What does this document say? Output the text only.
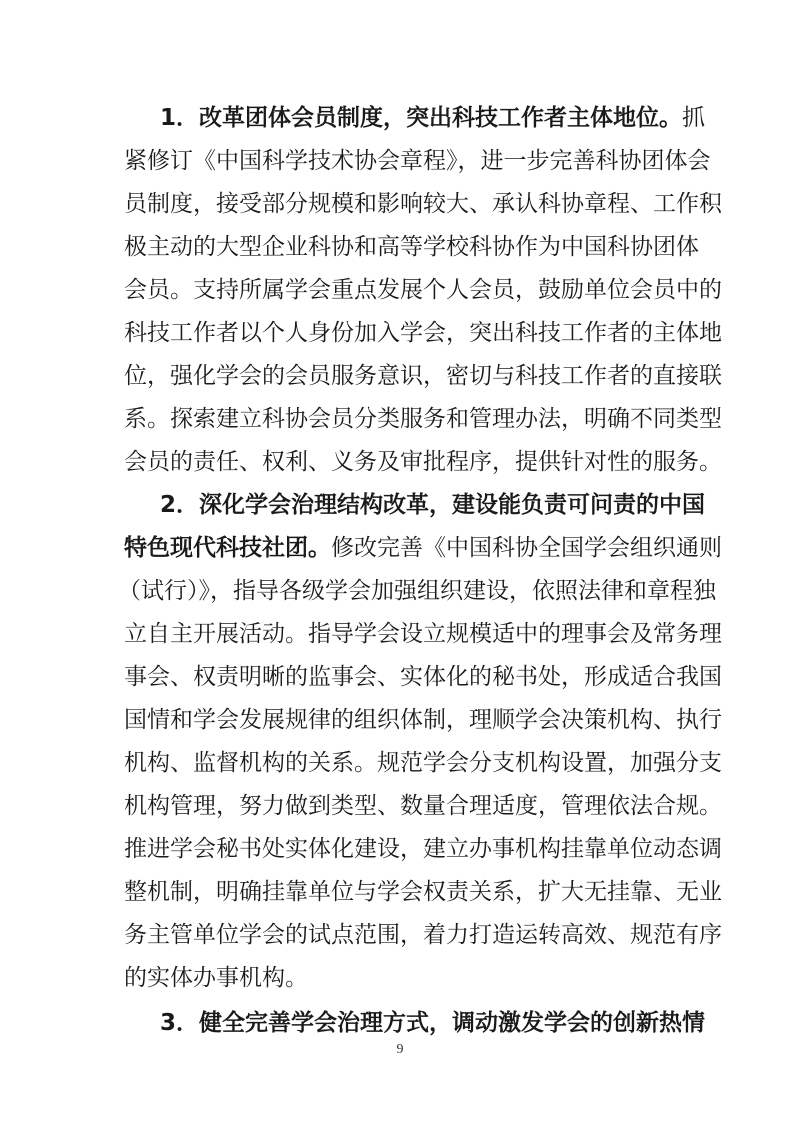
1．改革团体会员制度，突出科技工作者主体地位。抓
紧修订《中国科学技术协会章程》，进一步完善科协团体会
员制度，接受部分规模和影响较大、承认科协章程、工作积
极主动的大型企业科协和高等学校科协作为中国科协团体
会员。支持所属学会重点发展个人会员，鼓励单位会员中的
科技工作者以个人身份加入学会，突出科技工作者的主体地
位，强化学会的会员服务意识，密切与科技工作者的直接联
系。探索建立科协会员分类服务和管理办法，明确不同类型
会员的责任、权利、义务及审批程序，提供针对性的服务。
2．深化学会治理结构改革，建设能负责可问责的中国
特色现代科技社团。修改完善《中国科协全国学会组织通则
（试行）》，指导各级学会加强组织建设，依照法律和章程独
立自主开展活动。指导学会设立规模适中的理事会及常务理
事会、权责明晰的监事会、实体化的秘书处，形成适合我国
国情和学会发展规律的组织体制，理顺学会决策机构、执行
机构、监督机构的关系。规范学会分支机构设置，加强分支
机构管理，努力做到类型、数量合理适度，管理依法合规。
推进学会秘书处实体化建设，建立办事机构挂靠单位动态调
整机制，明确挂靠单位与学会权责关系，扩大无挂靠、无业
务主管单位学会的试点范围，着力打造运转高效、规范有序
的实体办事机构。
3．健全完善学会治理方式，调动激发学会的创新热情
9
